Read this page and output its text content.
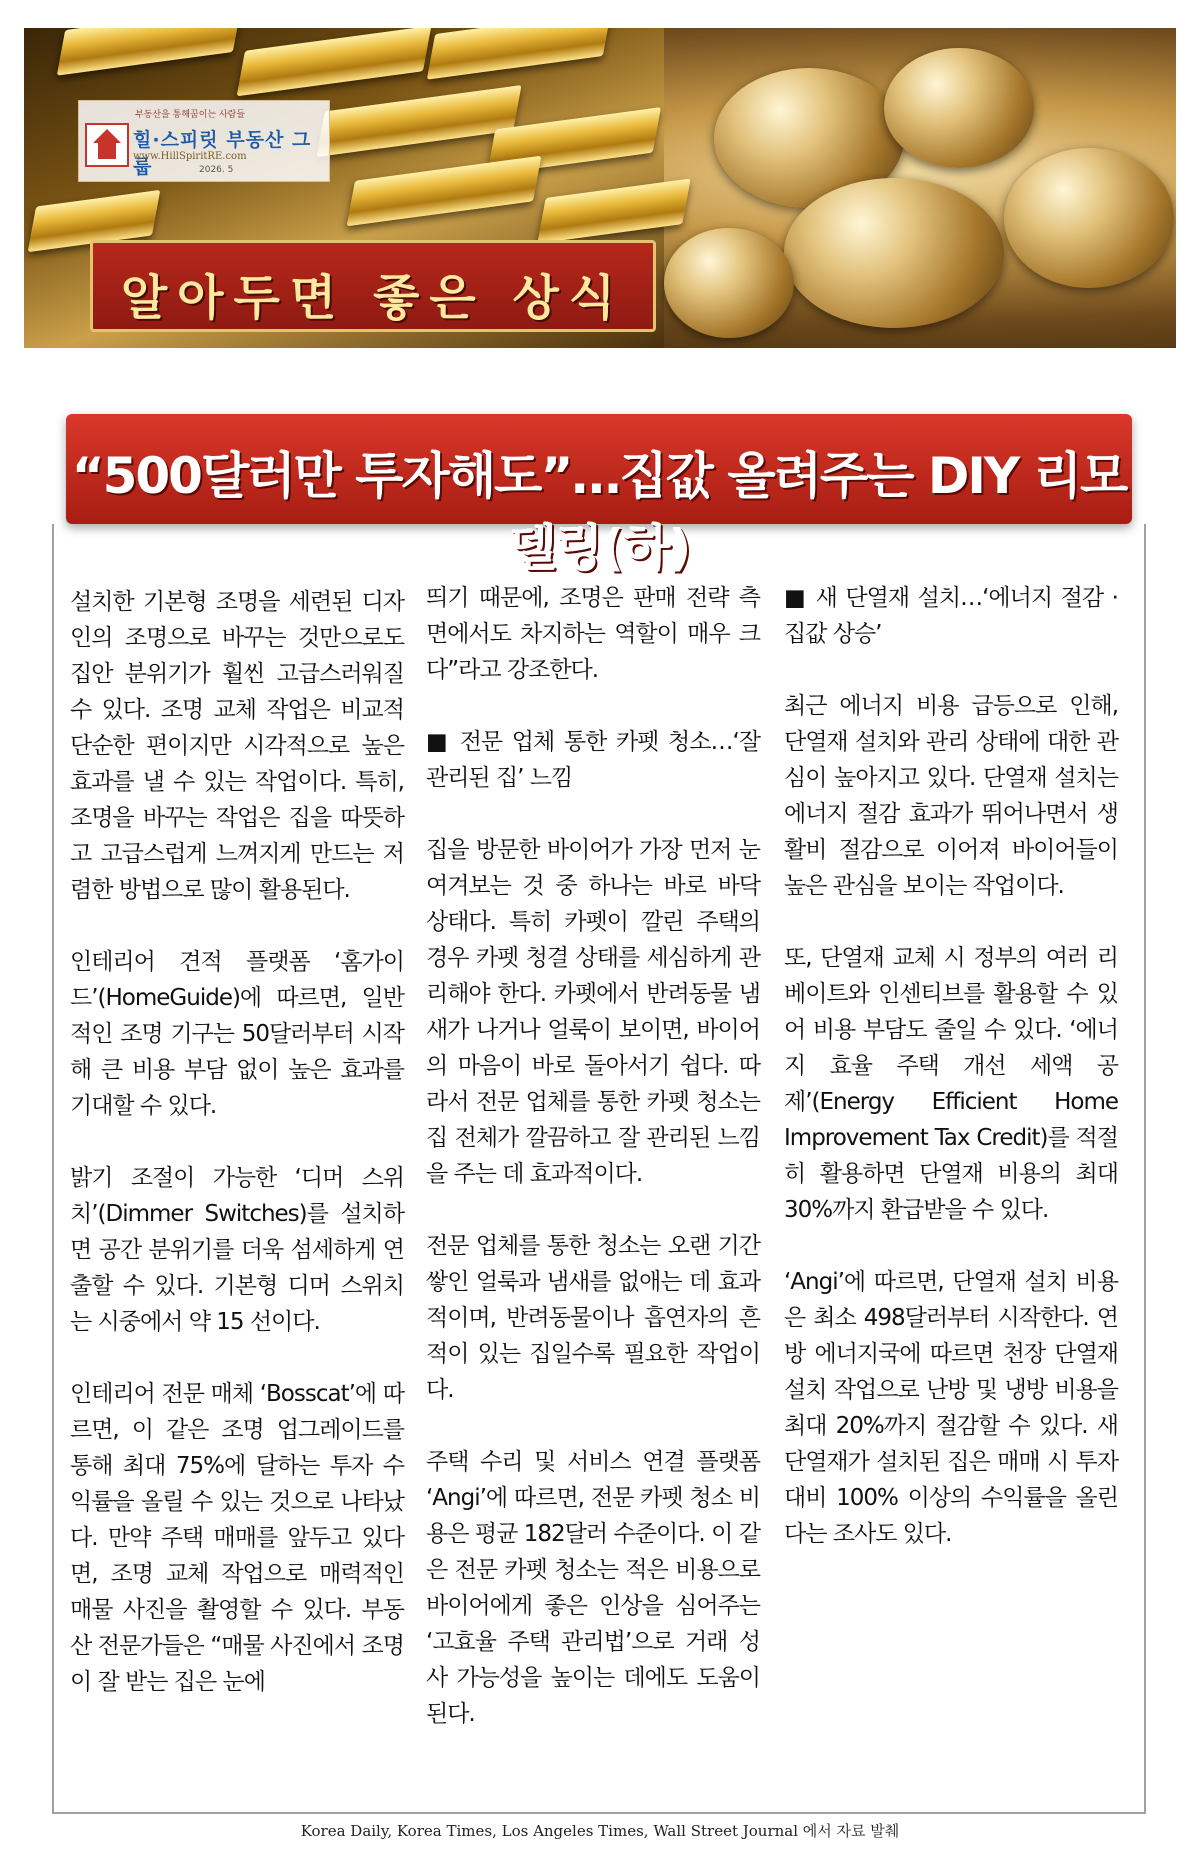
부동산을 통해꿈이는 사람들
힐·스피릿 부동산 그룹
www.HillSpiritRE.com
2026. 5
알아두면 좋은 상식
“500달러만 투자해도”…집값 올려주는 DIY 리모델링(하)

설치한 기본형 조명을 세련된 디자인의 조명으로 바꾸는 것만으로도 집안 분위기가 훨씬 고급스러워질 수 있다. 조명 교체 작업은 비교적 단순한 편이지만 시각적으로 높은 효과를 낼 수 있는 작업이다. 특히, 조명을 바꾸는 작업은 집을 따뜻하고 고급스럽게 느껴지게 만드는 저렴한 방법으로 많이 활용된다.

인테리어 견적 플랫폼 ‘홈가이드’(HomeGuide)에 따르면, 일반적인 조명 기구는 50달러부터 시작해 큰 비용 부담 없이 높은 효과를 기대할 수 있다.

밝기 조절이 가능한 ‘디머 스위치’(Dimmer Switches)를 설치하면 공간 분위기를 더욱 섬세하게 연출할 수 있다. 기본형 디머 스위치는 시중에서 약 15 선이다.

인테리어 전문 매체 ‘Bosscat’에 따르면, 이 같은 조명 업그레이드를 통해 최대 75%에 달하는 투자 수익률을 올릴 수 있는 것으로 나타났다. 만약 주택 매매를 앞두고 있다면, 조명 교체 작업으로 매력적인 매물 사진을 촬영할 수 있다. 부동산 전문가들은 “매물 사진에서 조명이 잘 받는 집은 눈에

띄기 때문에, 조명은 판매 전략 측면에서도 차지하는 역할이 매우 크다”라고 강조한다.

■ 전문 업체 통한 카펫 청소…‘잘 관리된 집’ 느낌

집을 방문한 바이어가 가장 먼저 눈여겨보는 것 중 하나는 바로 바닥 상태다. 특히 카펫이 깔린 주택의 경우 카펫 청결 상태를 세심하게 관리해야 한다. 카펫에서 반려동물 냄새가 나거나 얼룩이 보이면, 바이어의 마음이 바로 돌아서기 쉽다. 따라서 전문 업체를 통한 카펫 청소는 집 전체가 깔끔하고 잘 관리된 느낌을 주는 데 효과적이다.

전문 업체를 통한 청소는 오랜 기간 쌓인 얼룩과 냄새를 없애는 데 효과적이며, 반려동물이나 흡연자의 흔적이 있는 집일수록 필요한 작업이다.

주택 수리 및 서비스 연결 플랫폼 ‘Angi’에 따르면, 전문 카펫 청소 비용은 평균 182달러 수준이다. 이 같은 전문 카펫 청소는 적은 비용으로 바이어에게 좋은 인상을 심어주는 ‘고효율 주택 관리법’으로 거래 성사 가능성을 높이는 데에도 도움이 된다.

■ 새 단열재 설치…‘에너지 절감 · 집값 상승’

최근 에너지 비용 급등으로 인해, 단열재 설치와 관리 상태에 대한 관심이 높아지고 있다. 단열재 설치는 에너지 절감 효과가 뛰어나면서 생활비 절감으로 이어져 바이어들이 높은 관심을 보이는 작업이다.

또, 단열재 교체 시 정부의 여러 리베이트와 인센티브를 활용할 수 있어 비용 부담도 줄일 수 있다. ‘에너지 효율 주택 개선 세액 공제’(Energy Efficient Home Improvement Tax Credit)를 적절히 활용하면 단열재 비용의 최대 30%까지 환급받을 수 있다.

‘Angi’에 따르면, 단열재 설치 비용은 최소 498달러부터 시작한다. 연방 에너지국에 따르면 천장 단열재 설치 작업으로 난방 및 냉방 비용을 최대 20%까지 절감할 수 있다. 새 단열재가 설치된 집은 매매 시 투자 대비 100% 이상의 수익률을 올린다는 조사도 있다.

Korea Daily, Korea Times, Los Angeles Times, Wall Street Journal 에서 자료 발췌
